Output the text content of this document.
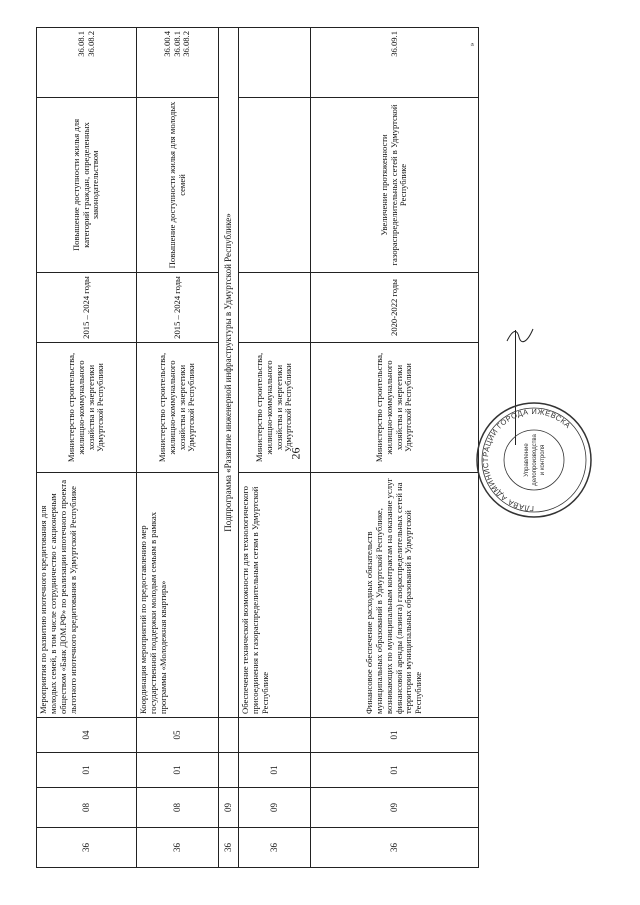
26
»
36	08	01	04	Мероприятия по развитию ипотечного кредитования для молодых семей, в том числе сотрудничество с акционерным обществом «Банк ДОМ.РФ» по реализации ипотечного проекта льготного ипотечного кредитования в Удмуртской Республике	Министерство строительства, жилищно-коммунального хозяйства и энергетики Удмуртской Республики	2015 – 2024 годы	Повышение доступности жилья для категорий граждан, определенных законодательством	36.08.1 36.08.2

36	08	01	05	Координация мероприятий по предоставлению мер государственной поддержки молодым семьям в рамках программы «Молодежная квартира»	Министерство строительства, жилищно-коммунального хозяйства и энергетики Удмуртской Республики	2015 – 2024 годы	Повышение доступности жилья для молодых семей	36.00.4 36.08.1 36.08.2

36	09			Подпрограмма «Развитие инженерной инфраструктуры в Удмуртской Республике»				
36	09	01		Обеспечение технической возможности для технологического присоединения к газораспределительным сетям в Удмуртской Республике	Министерство строительства, жилищно-коммунального хозяйства и энергетики Удмуртской Республики			
36	09	01	01	Финансовое обеспечение расходных обязательств муниципальных образований в Удмуртской Республике, возникающих по муниципальным контрактам на оказание услуг финансовой аренды (лизинга) газораспределительных сетей на территории муниципальных образований в Удмуртской Республике	Министерство строительства, жилищно-коммунального хозяйства и энергетики Удмуртской Республики	2020-2022 годы	Увеличение протяженности газораспределительных сетей в Удмуртской Республике	36.09.1
ГЛАВА АДМИНИСТРАЦИИ ГОРОДА ИЖЕВСКА
Управление делопроизводства и контроля
